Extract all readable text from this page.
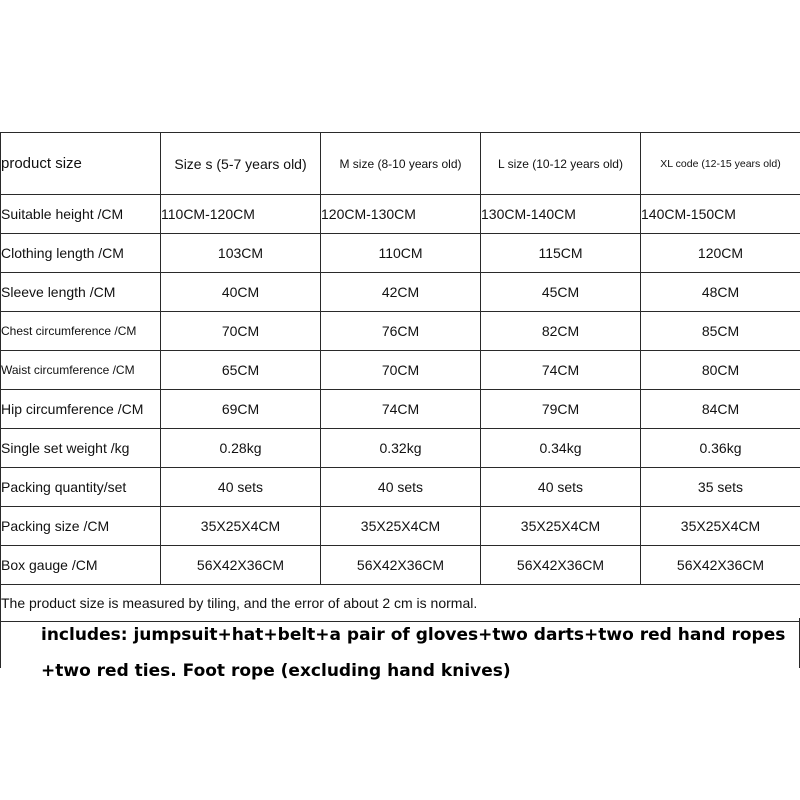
product size	Size s (5-7 years old)	M size (8-10 years old)	L size (10-12 years old)	XL code (12-15 years old)
Suitable height /CM	110CM-120CM	120CM-130CM	130CM-140CM	140CM-150CM
Clothing length /CM	103CM	110CM	115CM	120CM
Sleeve length /CM	40CM	42CM	45CM	48CM
Chest circumference /CM	70CM	76CM	82CM	85CM
Waist circumference /CM	65CM	70CM	74CM	80CM
Hip circumference /CM	69CM	74CM	79CM	84CM
Single set weight /kg	0.28kg	0.32kg	0.34kg	0.36kg
Packing quantity/set	40 sets	40 sets	40 sets	35 sets
Packing size /CM	35X25X4CM	35X25X4CM	35X25X4CM	35X25X4CM
Box gauge /CM	56X42X36CM	56X42X36CM	56X42X36CM	56X42X36CM
The product size is measured by tiling, and the error of about 2 cm is normal.				
includes: jumpsuit+hat+belt+a pair of gloves+two darts+two red hand ropes
+two red ties. Foot rope (excluding hand knives)
